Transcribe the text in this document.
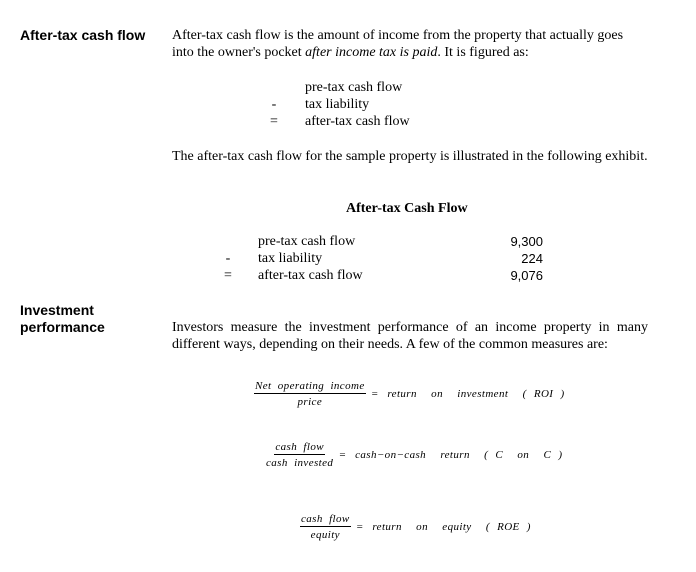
After-tax cash flow After-tax cash flow is the amount of income from the property that actually goes into the owner's pocket after income tax is paid. It is figured as:
pre-tax cash flow
- tax liability
= after-tax cash flow
The after-tax cash flow for the sample property is illustrated in the following exhibit.
After-tax Cash Flow
pre-tax cash flow	9,300
- tax liability	224
= after-tax cash flow	9,076
Investment
performance	Investors measure the investment performance of an income property in many different ways, depending on their needs. A few of the common measures are:
Net  operating  income
price
= return  on  investment  ( ROI )
cash  flow
cash  invested
= cash−on−cash  return  ( C  on  C )
cash  flow
equity
= return  on  equity  ( ROE )
